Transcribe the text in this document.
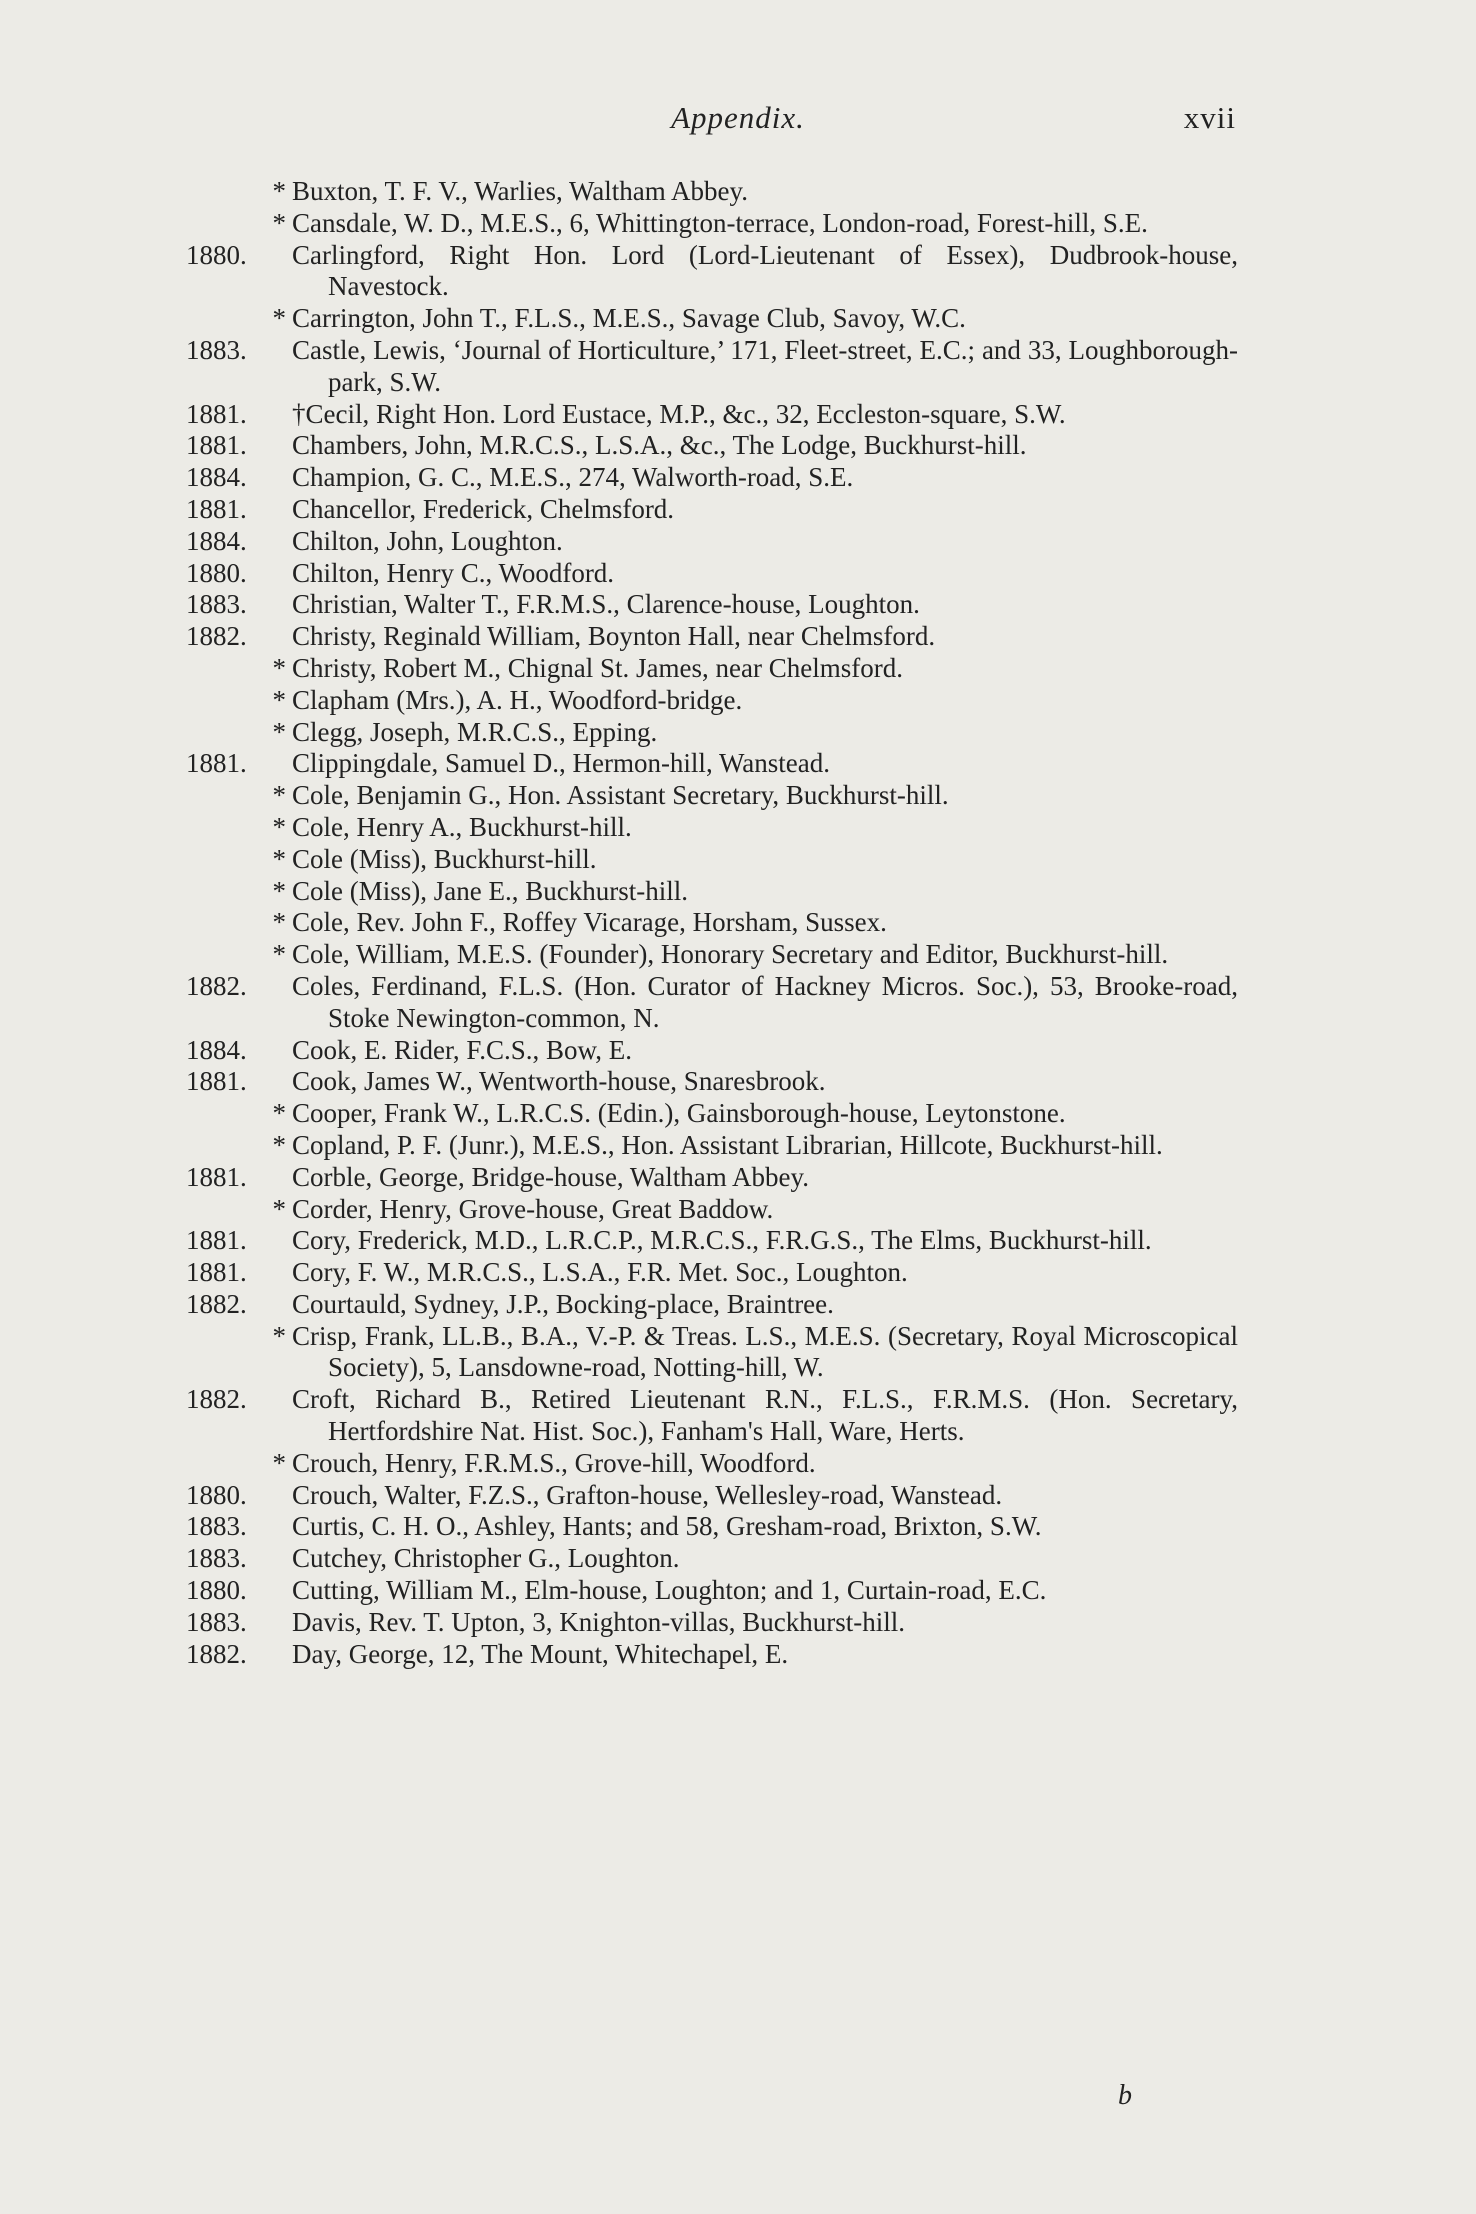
Appendix.	xvii
* Buxton, T. F. V., Warlies, Waltham Abbey.
* Cansdale, W. D., M.E.S., 6, Whittington-terrace, London-road, Forest-hill, S.E.
1880.	Carlingford, Right Hon. Lord (Lord-Lieutenant of Essex), Dudbrook-house, Navestock.
* Carrington, John T., F.L.S., M.E.S., Savage Club, Savoy, W.C.
1883.	Castle, Lewis, ‘Journal of Horticulture,’ 171, Fleet-street, E.C.; and 33, Loughborough-park, S.W.
1881.	†Cecil, Right Hon. Lord Eustace, M.P., &c., 32, Eccleston-square, S.W.
1881.	Chambers, John, M.R.C.S., L.S.A., &c., The Lodge, Buckhurst-hill.
1884.	Champion, G. C., M.E.S., 274, Walworth-road, S.E.
1881.	Chancellor, Frederick, Chelmsford.
1884.	Chilton, John, Loughton.
1880.	Chilton, Henry C., Woodford.
1883.	Christian, Walter T., F.R.M.S., Clarence-house, Loughton.
1882.	Christy, Reginald William, Boynton Hall, near Chelmsford.
* Christy, Robert M., Chignal St. James, near Chelmsford.
* Clapham (Mrs.), A. H., Woodford-bridge.
* Clegg, Joseph, M.R.C.S., Epping.
1881.	Clippingdale, Samuel D., Hermon-hill, Wanstead.
* Cole, Benjamin G., Hon. Assistant Secretary, Buckhurst-hill.
* Cole, Henry A., Buckhurst-hill.
* Cole (Miss), Buckhurst-hill.
* Cole (Miss), Jane E., Buckhurst-hill.
* Cole, Rev. John F., Roffey Vicarage, Horsham, Sussex.
* Cole, William, M.E.S. (Founder), Honorary Secretary and Editor, Buckhurst-hill.
1882.	Coles, Ferdinand, F.L.S. (Hon. Curator of Hackney Micros. Soc.), 53, Brooke-road, Stoke Newington-common, N.
1884.	Cook, E. Rider, F.C.S., Bow, E.
1881.	Cook, James W., Wentworth-house, Snaresbrook.
* Cooper, Frank W., L.R.C.S. (Edin.), Gainsborough-house, Leytonstone.
* Copland, P. F. (Junr.), M.E.S., Hon. Assistant Librarian, Hillcote, Buckhurst-hill.
1881.	Corble, George, Bridge-house, Waltham Abbey.
* Corder, Henry, Grove-house, Great Baddow.
1881.	Cory, Frederick, M.D., L.R.C.P., M.R.C.S., F.R.G.S., The Elms, Buckhurst-hill.
1881.	Cory, F. W., M.R.C.S., L.S.A., F.R. Met. Soc., Loughton.
1882.	Courtauld, Sydney, J.P., Bocking-place, Braintree.
* Crisp, Frank, LL.B., B.A., V.-P. & Treas. L.S., M.E.S. (Secretary, Royal Microscopical Society), 5, Lansdowne-road, Notting-hill, W.
1882.	Croft, Richard B., Retired Lieutenant R.N., F.L.S., F.R.M.S. (Hon. Secretary, Hertfordshire Nat. Hist. Soc.), Fanham's Hall, Ware, Herts.
* Crouch, Henry, F.R.M.S., Grove-hill, Woodford.
1880.	Crouch, Walter, F.Z.S., Grafton-house, Wellesley-road, Wanstead.
1883.	Curtis, C. H. O., Ashley, Hants; and 58, Gresham-road, Brixton, S.W.
1883.	Cutchey, Christopher G., Loughton.
1880.	Cutting, William M., Elm-house, Loughton; and 1, Curtain-road, E.C.
1883.	Davis, Rev. T. Upton, 3, Knighton-villas, Buckhurst-hill.
1882.	Day, George, 12, The Mount, Whitechapel, E.
b
